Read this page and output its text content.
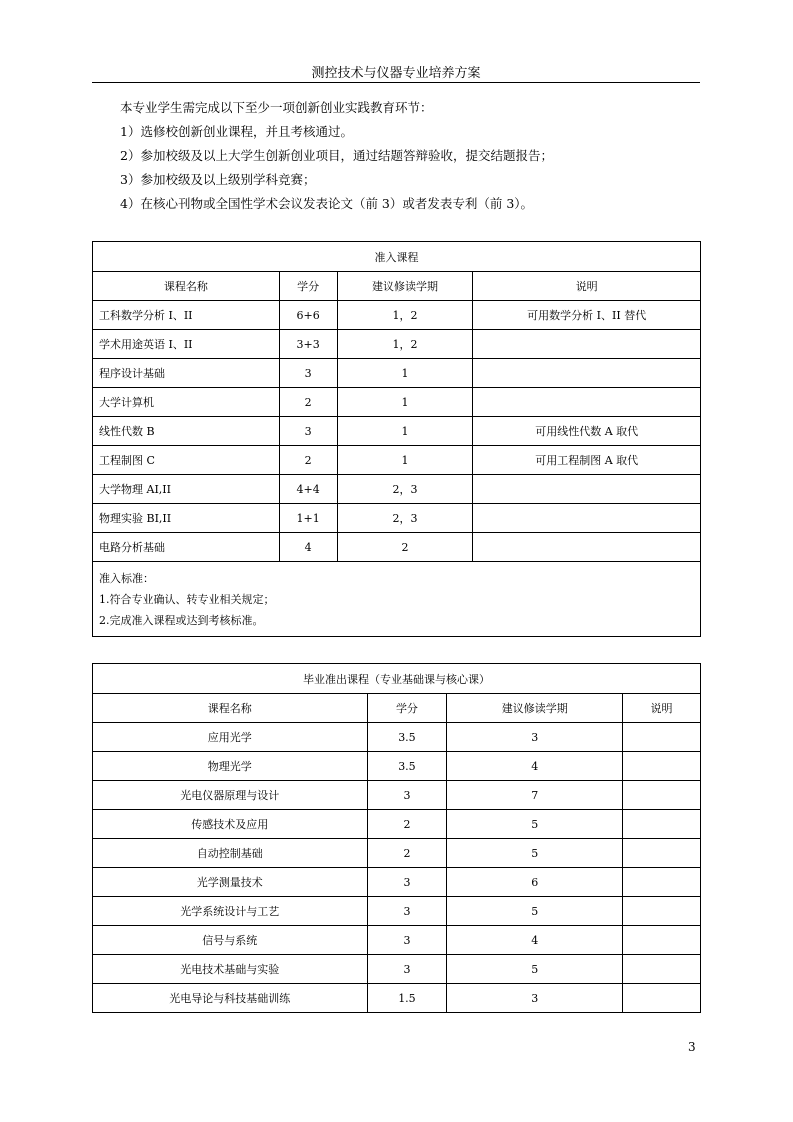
测控技术与仪器专业培养方案
本专业学生需完成以下至少一项创新创业实践教育环节：
1）选修校创新创业课程，并且考核通过。
2）参加校级及以上大学生创新创业项目，通过结题答辩验收，提交结题报告；
3）参加校级及以上级别学科竞赛；
4）在核心刊物或全国性学术会议发表论文（前 3）或者发表专利（前 3）。
准入课程			
课程名称	学分	建议修读学期	说明
工科数学分析 I、II	6+6	1，2	可用数学分析 I、II 替代
学术用途英语 I、II	3+3	1，2	
程序设计基础	3	1	
大学计算机	2	1	
线性代数 B	3	1	可用线性代数 A 取代
工程制图 C	2	1	可用工程制图 A 取代
大学物理 AI,II	4+4	2，3	
物理实验 BI,II	1+1	2，3	
电路分析基础	4	2	

准入标准：
1.符合专业确认、转专业相关规定；
2.完成准入课程或达到考核标准。			
毕业准出课程（专业基础课与核心课）			
课程名称	学分	建议修读学期	说明
应用光学	3.5	3	
物理光学	3.5	4	
光电仪器原理与设计	3	7	
传感技术及应用	2	5	
自动控制基础	2	5	
光学测量技术	3	6	
光学系统设计与工艺	3	5	
信号与系统	3	4	
光电技术基础与实验	3	5	
光电导论与科技基础训练	1.5	3	
3
